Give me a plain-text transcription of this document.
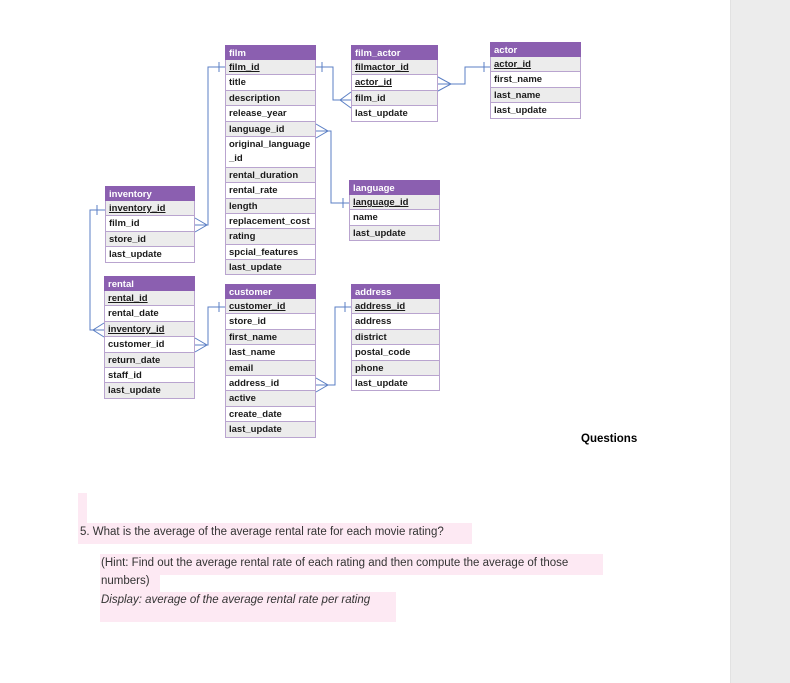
film
film_id
title
description
release_year
language_id
original_language_id
rental_duration
rental_rate
length
replacement_cost
rating
spcial_features
last_update
film_actor
filmactor_id
actor_id
film_id
last_update
actor
actor_id
first_name
last_name
last_update
inventory
inventory_id
film_id
store_id
last_update
language
language_id
name
last_update
rental
rental_id
rental_date
inventory_id
customer_id
return_date
staff_id
last_update
customer
customer_id
store_id
first_name
last_name
email
address_id
active
create_date
last_update
address
address_id
address
district
postal_code
phone
last_update
Questions
5. What is the average of the average rental rate for each movie rating?
(Hint: Find out the average rental rate of each rating and then compute the average of those
numbers)
Display: average of the average rental rate per rating
